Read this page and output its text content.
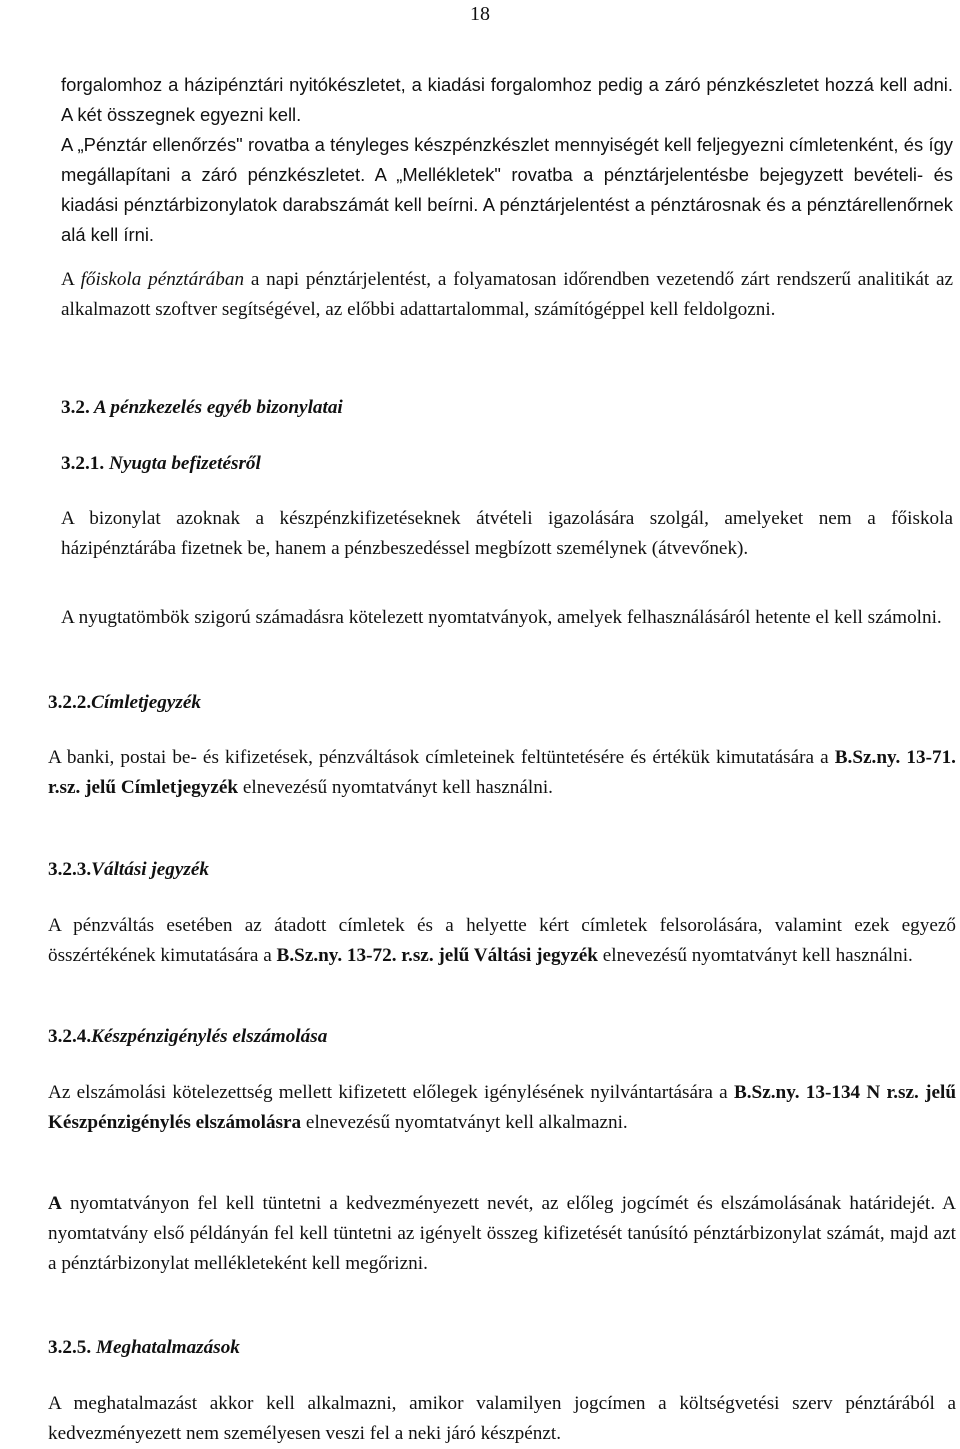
18

forgalomhoz a házipénztári nyitókészletet, a kiadási forgalomhoz pedig a záró pénzkészletet hozzá kell adni. A két összegnek egyezni kell.

A „Pénztár ellenőrzés" rovatba a tényleges készpénzkészlet mennyiségét kell feljegyezni címletenként, és így megállapítani a záró pénzkészletet. A „Mellékletek" rovatba a pénztárjelentésbe bejegyzett bevételi- és kiadási pénztárbizonylatok darabszámát kell beírni. A pénztárjelentést a pénztárosnak és a pénztárellenőrnek alá kell írni.

A főiskola pénztárában a napi pénztárjelentést, a folyamatosan időrendben vezetendő zárt rendszerű analitikát az alkalmazott szoftver segítségével, az előbbi adattartalommal, számítógéppel kell feldolgozni.

3.2. A pénzkezelés egyéb bizonylatai
3.2.1. Nyugta befizetésről

A bizonylat azoknak a készpénzkifizetéseknek átvételi igazolására szolgál, amelyeket nem a főiskola házipénztárába fizetnek be, hanem a pénzbeszedéssel megbízott személynek (átvevőnek).

A nyugtatömbök szigorú számadásra kötelezett nyomtatványok, amelyek felhasználásáról hetente el kell számolni.

3.2.2.Címletjegyzék

A banki, postai be- és kifizetések, pénzváltások címleteinek feltüntetésére és értékük kimutatására a B.Sz.ny. 13-71. r.sz. jelű Címletjegyzék elnevezésű nyomtatványt kell használni.

3.2.3.Váltási jegyzék

A pénzváltás esetében az átadott címletek és a helyette kért címletek felsorolására, valamint ezek egyező összértékének kimutatására a B.Sz.ny. 13-72. r.sz. jelű Váltási jegyzék elnevezésű nyomtatványt kell használni.

3.2.4.Készpénzigénylés elszámolása

Az elszámolási kötelezettség mellett kifizetett előlegek igénylésének nyilvántartására a B.Sz.ny. 13-134 N r.sz. jelű Készpénzigénylés elszámolásra elnevezésű nyomtatványt kell alkalmazni.

A nyomtatványon fel kell tüntetni a kedvezményezett nevét, az előleg jogcímét és elszámolásának határidejét. A nyomtatvány első példányán fel kell tüntetni az igényelt összeg kifizetését tanúsító pénztárbizonylat számát, majd azt a pénztárbizonylat mellékleteként kell megőrizni.

3.2.5. Meghatalmazások

A meghatalmazást akkor kell alkalmazni, amikor valamilyen jogcímen a költségvetési szerv pénztárából a kedvezményezett nem személyesen veszi fel a neki járó készpénzt.
